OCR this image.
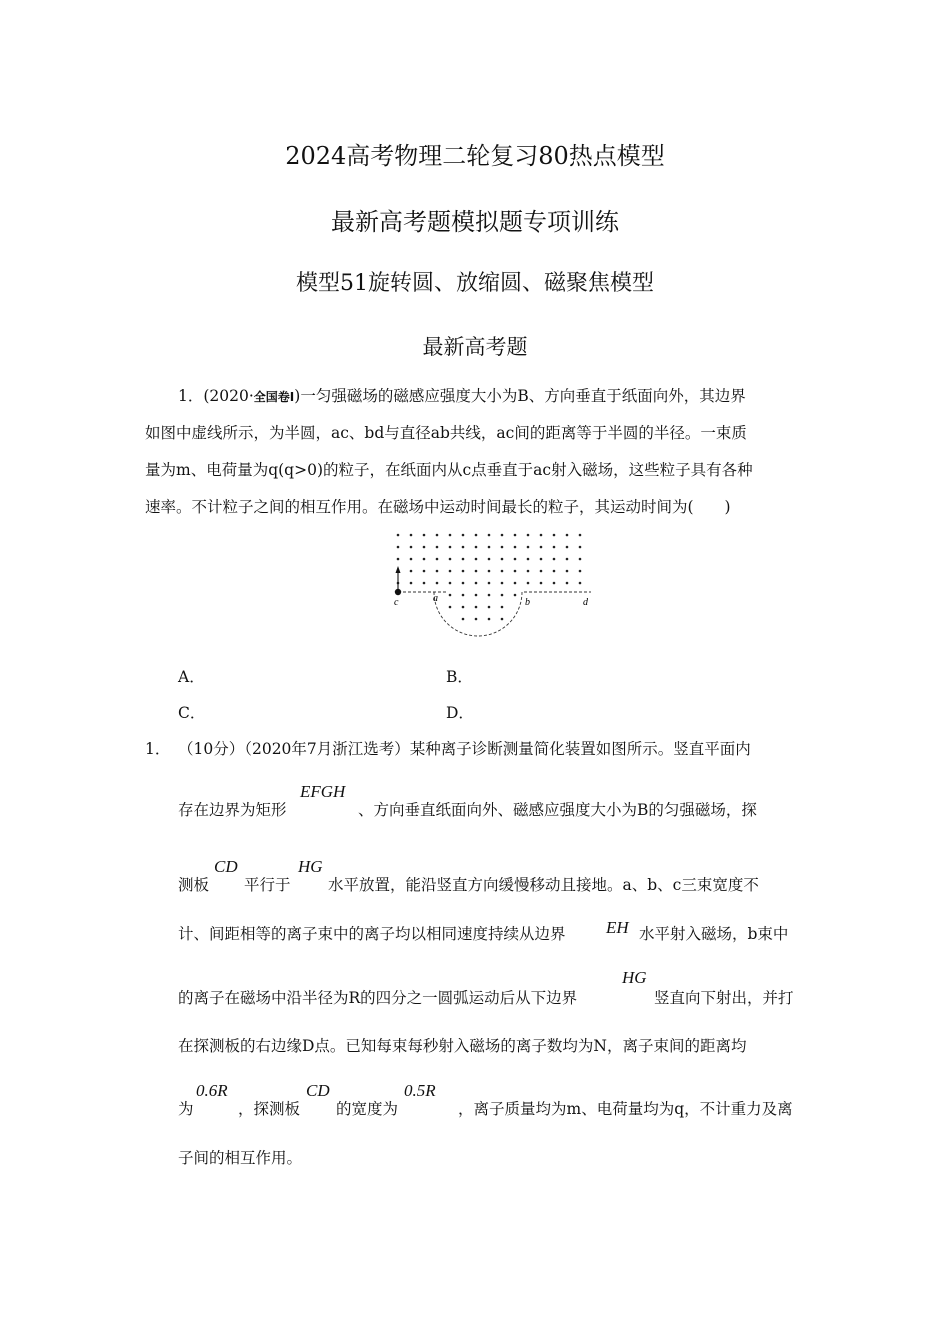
2024高考物理二轮复习80热点模型
最新高考题模拟题专项训练
模型51旋转圆、放缩圆、磁聚焦模型
最新高考题
1．(2020·全国卷Ⅰ)一匀强磁场的磁感应强度大小为B、方向垂直于纸面向外，其边界
如图中虚线所示，为半圆，ac、bd与直径ab共线，ac间的距离等于半圆的半径。一束质
量为m、电荷量为q(q>0)的粒子，在纸面内从c点垂直于ac射入磁场，这些粒子具有各种
速率。不计粒子之间的相互作用。在磁场中运动时间最长的粒子，其运动时间为(　　)
c	a	b	d
A．	B．
C．	D．
1． （10分）（2020年7月浙江选考）某种离子诊断测量简化装置如图所示。竖直平面内
存在边界为矩形
EFGH
、方向垂直纸面向外、磁感应强度大小为B的匀强磁场，探
测板
CD
平行于
HG
水平放置，能沿竖直方向缓慢移动且接地。a、b、c三束宽度不
计、间距相等的离子束中的离子均以相同速度持续从边界 EH 水平射入磁场，b束中
的离子在磁场中沿半径为R的四分之一圆弧运动后从下边界
HG
竖直向下射出，并打
在探测板的右边缘D点。已知每束每秒射入磁场的离子数均为N，离子束间的距离均
为
0.6R
，探测板
CD
的宽度为
0.5R
，离子质量均为m、电荷量均为q，不计重力及离
子间的相互作用。
